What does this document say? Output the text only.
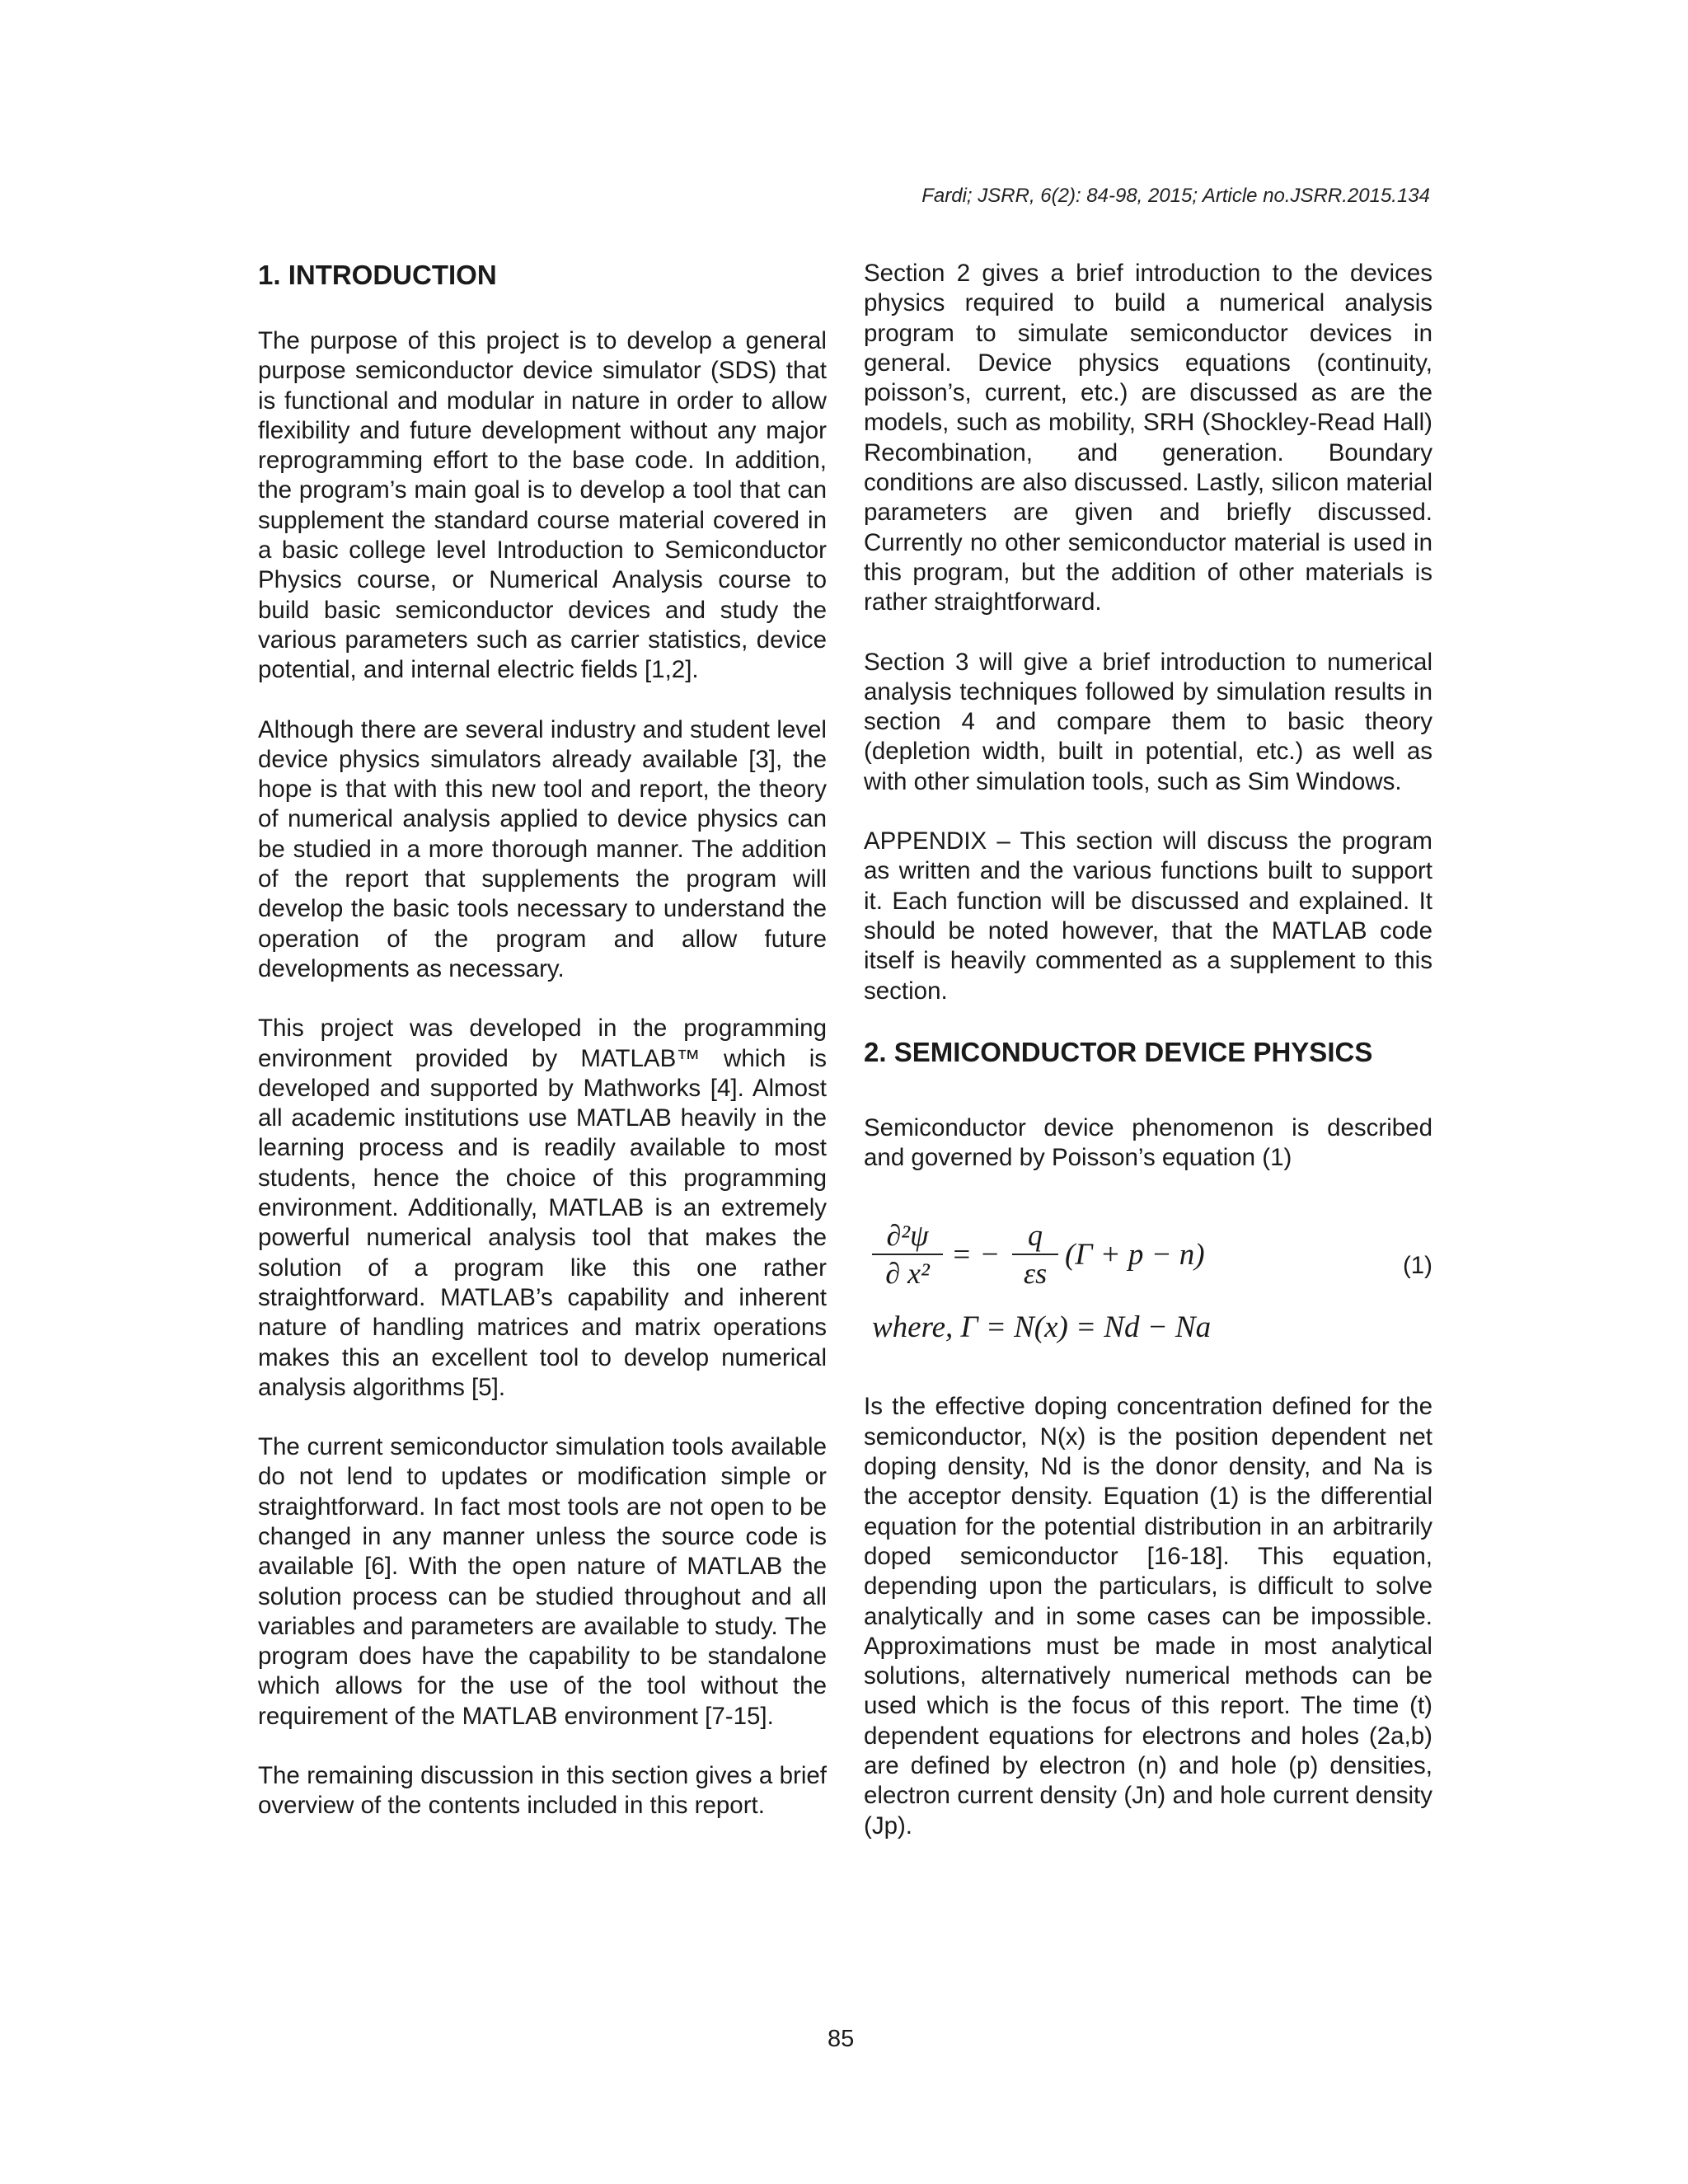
Fardi; JSRR, 6(2): 84-98, 2015; Article no.JSRR.2015.134
1. INTRODUCTION

The purpose of this project is to develop a general purpose semiconductor device simulator (SDS) that is functional and modular in nature in order to allow flexibility and future development without any major reprogramming effort to the base code. In addition, the program’s main goal is to develop a tool that can supplement the standard course material covered in a basic college level Introduction to Semiconductor Physics course, or Numerical Analysis course to build basic semiconductor devices and study the various parameters such as carrier statistics, device potential, and internal electric fields [1,2].

Although there are several industry and student level device physics simulators already available [3], the hope is that with this new tool and report, the theory of numerical analysis applied to device physics can be studied in a more thorough manner. The addition of the report that supplements the program will develop the basic tools necessary to understand the operation of the program and allow future developments as necessary.

This project was developed in the programming environment provided by MATLAB™ which is developed and supported by Mathworks [4]. Almost all academic institutions use MATLAB heavily in the learning process and is readily available to most students, hence the choice of this programming environment. Additionally, MATLAB is an extremely powerful numerical analysis tool that makes the solution of a program like this one rather straightforward. MATLAB’s capability and inherent nature of handling matrices and matrix operations makes this an excellent tool to develop numerical analysis algorithms [5].

The current semiconductor simulation tools available do not lend to updates or modification simple or straightforward. In fact most tools are not open to be changed in any manner unless the source code is available [6]. With the open nature of MATLAB the solution process can be studied throughout and all variables and parameters are available to study. The program does have the capability to be standalone which allows for the use of the tool without the requirement of the MATLAB environment [7-15].

The remaining discussion in this section gives a brief overview of the contents included in this report.

Section 2 gives a brief introduction to the devices physics required to build a numerical analysis program to simulate semiconductor devices in general. Device physics equations (continuity, poisson’s, current, etc.) are discussed as are the models, such as mobility, SRH (Shockley-Read Hall) Recombination, and generation. Boundary conditions are also discussed. Lastly, silicon material parameters are given and briefly discussed. Currently no other semiconductor material is used in this program, but the addition of other materials is rather straightforward.

Section 3 will give a brief introduction to numerical analysis techniques followed by simulation results in section 4 and compare them to basic theory (depletion width, built in potential, etc.) as well as with other simulation tools, such as Sim Windows.

APPENDIX – This section will discuss the program as written and the various functions built to support it. Each function will be discussed and explained. It should be noted however, that the MATLAB code itself is heavily commented as a supplement to this section.

2. SEMICONDUCTOR DEVICE PHYSICS

Semiconductor device phenomenon is described and governed by Poisson’s equation (1)

∂²ψ
∂ x²
= −
q
εs
(Γ + p − n)
where, Γ = N(x) = Nd − Na
(1)

Is the effective doping concentration defined for the semiconductor, N(x) is the position dependent net doping density, Nd is the donor density, and Na is the acceptor density. Equation (1) is the differential equation for the potential distribution in an arbitrarily doped semiconductor [16-18]. This equation, depending upon the particulars, is difficult to solve analytically and in some cases can be impossible. Approximations must be made in most analytical solutions, alternatively numerical methods can be used which is the focus of this report. The time (t) dependent equations for electrons and holes (2a,b) are defined by electron (n) and hole (p) densities, electron current density (Jn) and hole current density (Jp).

85
